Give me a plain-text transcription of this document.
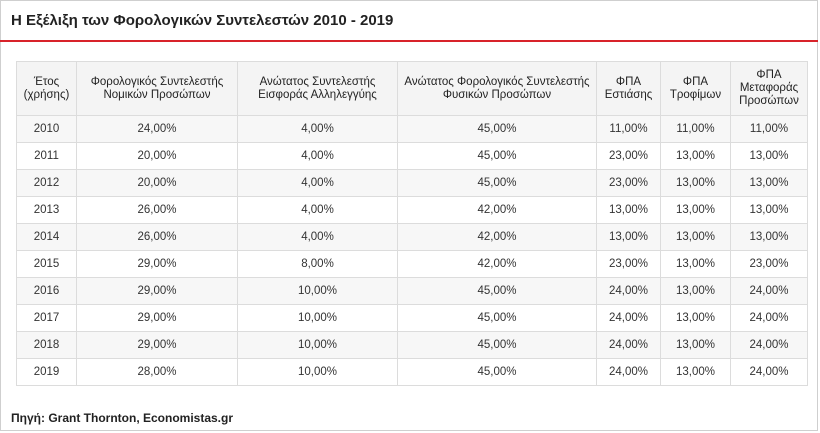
Η Εξέλιξη των Φορολογικών Συντελεστών 2010 - 2019
Έτος (χρήσης)	Φορολογικός Συντελεστής Νομικών Προσώπων	Ανώτατος Συντελεστής Εισφοράς Αλληλεγγύης	Ανώτατος Φορολογικός Συντελεστής Φυσικών Προσώπων	ΦΠΑ Εστιάσης	ΦΠΑ Τροφίμων	ΦΠΑ Μεταφοράς Προσώπων
2010	24,00%	4,00%	45,00%	11,00%	11,00%	11,00%
2011	20,00%	4,00%	45,00%	23,00%	13,00%	13,00%
2012	20,00%	4,00%	45,00%	23,00%	13,00%	13,00%
2013	26,00%	4,00%	42,00%	13,00%	13,00%	13,00%
2014	26,00%	4,00%	42,00%	13,00%	13,00%	13,00%
2015	29,00%	8,00%	42,00%	23,00%	13,00%	23,00%
2016	29,00%	10,00%	45,00%	24,00%	13,00%	24,00%
2017	29,00%	10,00%	45,00%	24,00%	13,00%	24,00%
2018	29,00%	10,00%	45,00%	24,00%	13,00%	24,00%
2019	28,00%	10,00%	45,00%	24,00%	13,00%	24,00%
Πηγή: Grant Thornton, Economistas.gr
